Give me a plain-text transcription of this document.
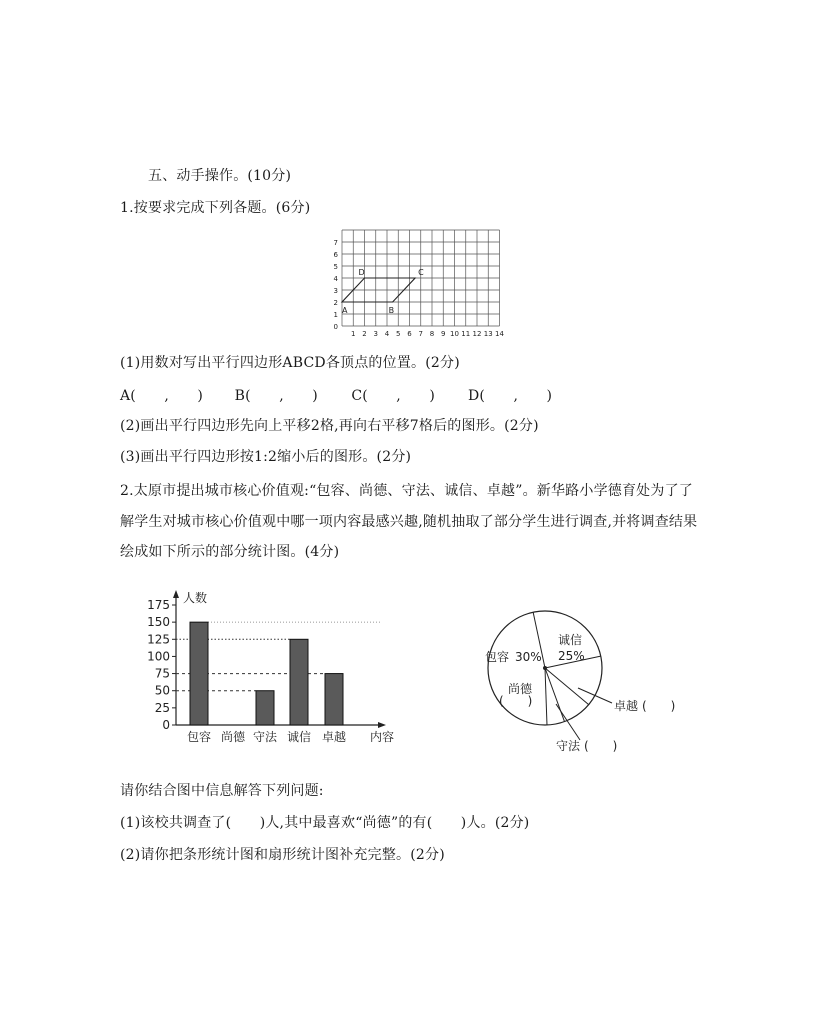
五、动手操作。(10分)
1.按要求完成下列各题。(6分)
1 2 3 4 5 6 7 8 9 10 11 12 13 14
0
1
2
3
4
5
6
7
A	B
C
D
(1)用数对写出平行四边形ABCD各顶点的位置。(2分)
A(　　,　　) B(　　,　　) C(　　,　　) D(　　,　　)
(2)画出平行四边形先向上平移2格,再向右平移7格后的图形。(2分)
(3)画出平行四边形按1:2缩小后的图形。(2分)
2.太原市提出城市核心价值观:“包容、尚德、守法、诚信、卓越”。新华路小学德育处为了了
解学生对城市核心价值观中哪一项内容最感兴趣,随机抽取了部分学生进行调查,并将调查结果
绘成如下所示的部分统计图。(4分)
人数
内容
0
25
50
75
100
125
150
175
包容 尚德 守法 诚信 卓越
包容 30%
诚信
25%
尚德
(　　)	卓越 (　　)
守法 (　　)
请你结合图中信息解答下列问题:
(1)该校共调查了(　　)人,其中最喜欢“尚德”的有(　　)人。(2分)
(2)请你把条形统计图和扇形统计图补充完整。(2分)
